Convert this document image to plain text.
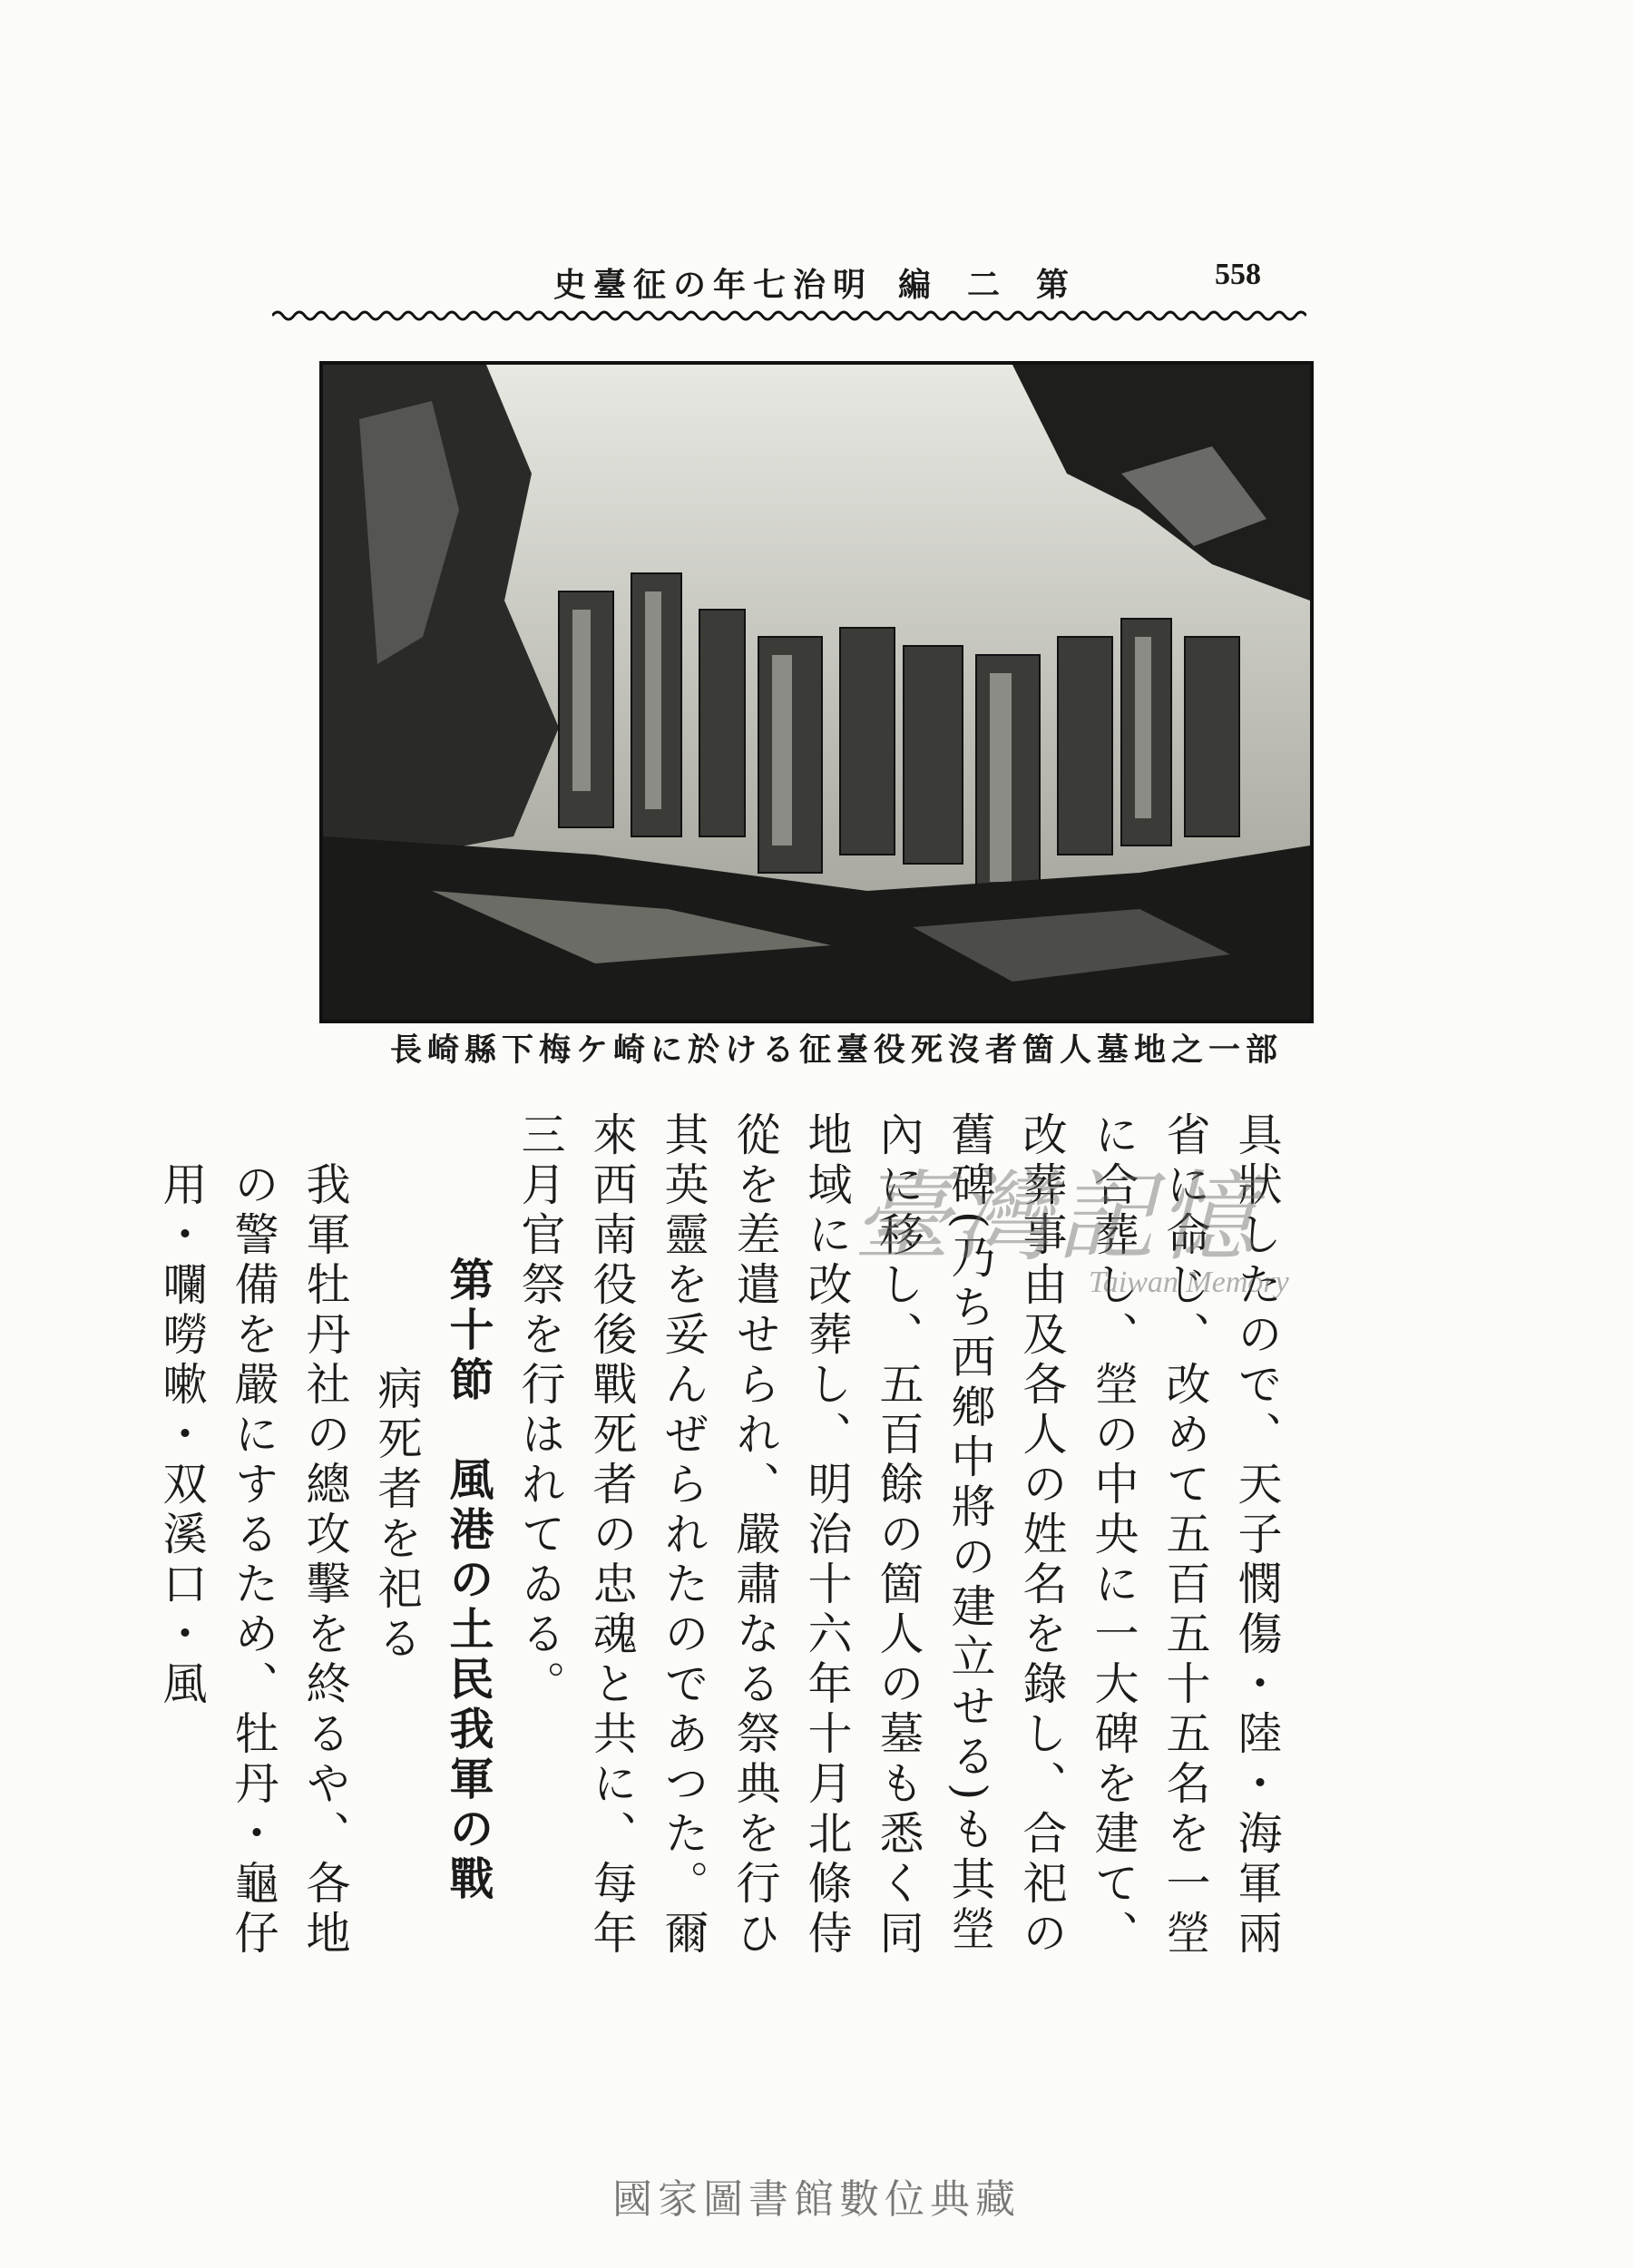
史臺征の年七治明 編二第	558
長崎縣下梅ケ崎に於ける征臺役死沒者箇人墓地之一部

具狀したので、天子憫傷・陸・海軍兩省に命じ、改めて五百五十五名を一塋に合葬し、塋の中央に一大碑を建て、改葬事由及各人の姓名を錄し、合祀の舊碑(乃ち西鄕中將の建立せる)も其塋內に移し、五百餘の箇人の墓も悉く同地域に改葬し、明治十六年十月北條侍從を差遣せられ、嚴肅なる祭典を行ひ其英靈を妥んぜられたのであつた。爾來西南役後戰死者の忠魂と共に、每年三月官祭を行はれてゐる。

第十節　風港の土民我軍の戰

病死者を祀る

我軍牡丹社の總攻擊を終るや、各地の警備を嚴にするため、牡丹・龜仔用・㘓嘮嗽・双溪口・風	臺灣記憶
Taiwan Memory
國家圖書館數位典藏
